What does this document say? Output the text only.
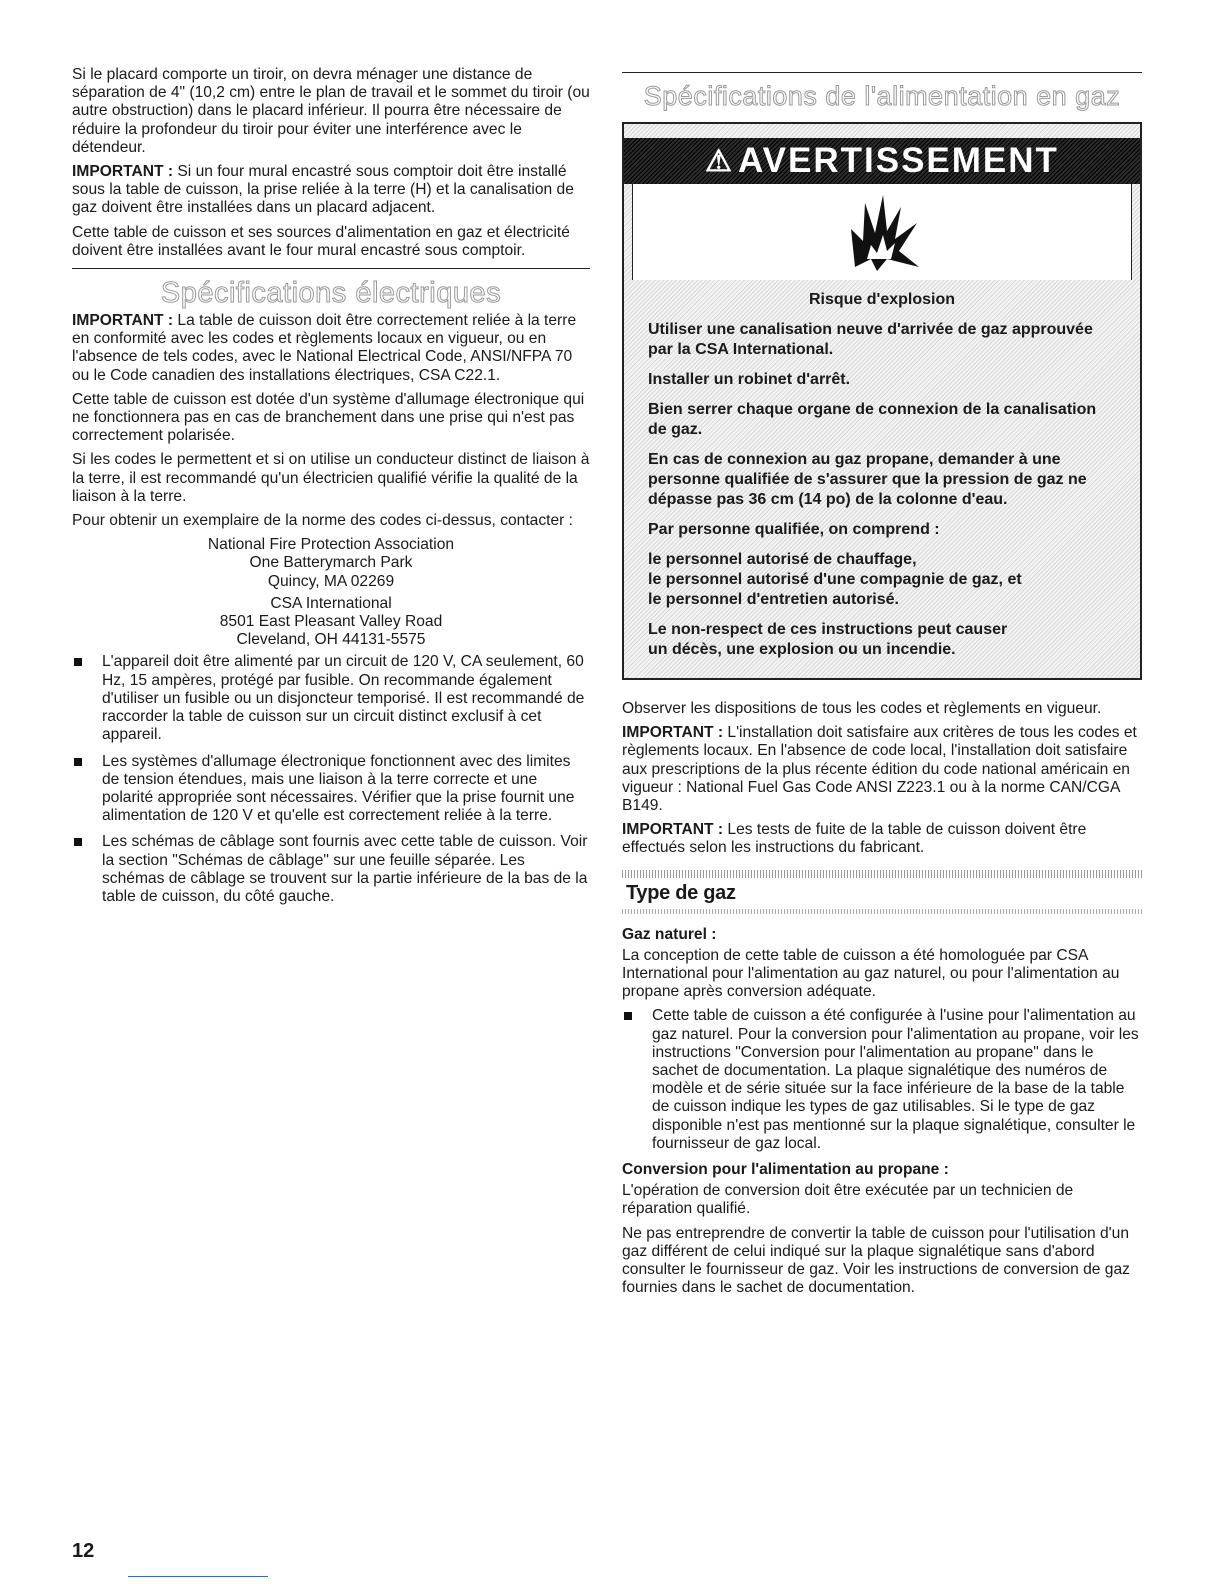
Si le placard comporte un tiroir, on devra ménager une distance de séparation de 4" (10,2 cm) entre le plan de travail et le sommet du tiroir (ou autre obstruction) dans le placard inférieur. Il pourra être nécessaire de réduire la profondeur du tiroir pour éviter une interférence avec le détendeur.

IMPORTANT : Si un four mural encastré sous comptoir doit être installé sous la table de cuisson, la prise reliée à la terre (H) et la canalisation de gaz doivent être installées dans un placard adjacent.

Cette table de cuisson et ses sources d'alimentation en gaz et électricité doivent être installées avant le four mural encastré sous comptoir.

Spécifications électriques

IMPORTANT : La table de cuisson doit être correctement reliée à la terre en conformité avec les codes et règlements locaux en vigueur, ou en l'absence de tels codes, avec le National Electrical Code, ANSI/NFPA 70 ou le Code canadien des installations électriques, CSA C22.1.

Cette table de cuisson est dotée d'un système d'allumage électronique qui ne fonctionnera pas en cas de branchement dans une prise qui n'est pas correctement polarisée.

Si les codes le permettent et si on utilise un conducteur distinct de liaison à la terre, il est recommandé qu'un électricien qualifié vérifie la qualité de la liaison à la terre.

Pour obtenir un exemplaire de la norme des codes ci-dessus, contacter :

National Fire Protection Association
One Batterymarch Park
Quincy, MA 02269
CSA International
8501 East Pleasant Valley Road
Cleveland, OH 44131-5575

L'appareil doit être alimenté par un circuit de 120 V, CA seulement, 60 Hz, 15 ampères, protégé par fusible. On recommande également d'utiliser un fusible ou un disjoncteur temporisé. Il est recommandé de raccorder la table de cuisson sur un circuit distinct exclusif à cet appareil.

Les systèmes d'allumage électronique fonctionnent avec des limites de tension étendues, mais une liaison à la terre correcte et une polarité appropriée sont nécessaires. Vérifier que la prise fournit une alimentation de 120 V et qu'elle est correctement reliée à la terre.

Les schémas de câblage sont fournis avec cette table de cuisson. Voir la section "Schémas de câblage" sur une feuille séparée. Les schémas de câblage se trouvent sur la partie inférieure de la bas de la table de cuisson, du côté gauche.

Spécifications de l'alimentation en gaz
⚠ AVERTISSEMENT

Risque d'explosion

Utiliser une canalisation neuve d'arrivée de gaz approuvée par la CSA International.

Installer un robinet d'arrêt.

Bien serrer chaque organe de connexion de la canalisation de gaz.

En cas de connexion au gaz propane, demander à une personne qualifiée de s'assurer que la pression de gaz ne dépasse pas 36 cm (14 po) de la colonne d'eau.

Par personne qualifiée, on comprend :

le personnel autorisé de chauffage,
le personnel autorisé d'une compagnie de gaz, et
le personnel d'entretien autorisé.

Le non-respect de ces instructions peut causer
un décès, une explosion ou un incendie.

Observer les dispositions de tous les codes et règlements en vigueur.

IMPORTANT : L'installation doit satisfaire aux critères de tous les codes et règlements locaux. En l'absence de code local, l'installation doit satisfaire aux prescriptions de la plus récente édition du code national américain en vigueur : National Fuel Gas Code ANSI Z223.1 ou à la norme CAN/CGA B149.

IMPORTANT : Les tests de fuite de la table de cuisson doivent être effectués selon les instructions du fabricant.

Type de gaz

Gaz naturel :

La conception de cette table de cuisson a été homologuée par CSA International pour l'alimentation au gaz naturel, ou pour l'alimentation au propane après conversion adéquate.

Cette table de cuisson a été configurée à l'usine pour l'alimentation au gaz naturel. Pour la conversion pour l'alimentation au propane, voir les instructions "Conversion pour l'alimentation au propane" dans le sachet de documentation. La plaque signalétique des numéros de modèle et de série située sur la face inférieure de la base de la table de cuisson indique les types de gaz utilisables. Si le type de gaz disponible n'est pas mentionné sur la plaque signalétique, consulter le fournisseur de gaz local.

Conversion pour l'alimentation au propane :

L'opération de conversion doit être exécutée par un technicien de réparation qualifié.

Ne pas entreprendre de convertir la table de cuisson pour l'utilisation d'un gaz différent de celui indiqué sur la plaque signalétique sans d'abord consulter le fournisseur de gaz. Voir les instructions de conversion de gaz fournies dans le sachet de documentation.

12
